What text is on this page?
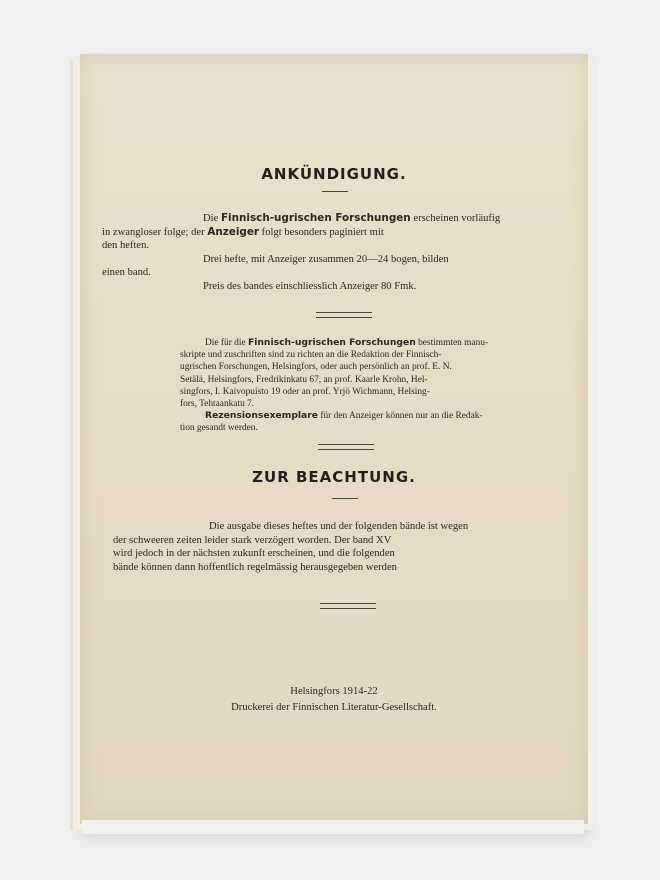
ANKÜNDIGUNG.
Die Finnisch-ugrischen Forschungen erscheinen vorläufig
in zwangloser folge; der Anzeiger folgt besonders paginiert mit
den heften.
Drei hefte, mit Anzeiger zusammen 20—24 bogen, bilden
einen band.
Preis des bandes einschliesslich Anzeiger 80 Fmk.
Die für die Finnisch-ugrischen Forschungen bestimmten manu-
skripte und zuschriften sind zu richten an die Redaktion der Finnisch-
ugrischen Forschungen, Helsingfors, oder auch persönlich an prof. E. N.
Setälä, Helsingfors, Fredrikinkatu 67, an prof. Kaarle Krohn, Hel-
singfors, I. Kaivopuisto 19 oder an prof. Yrjö Wichmann, Helsing-
fors, Tehtaankatu 7.
Rezensionsexemplare für den Anzeiger können nur an die Redak-
tion gesandt werden.
ZUR BEACHTUNG.
Die ausgabe dieses heftes und der folgenden bände ist wegen
der schweeren zeiten leider stark verzögert worden. Der band XV
wird jedoch in der nächsten zukunft erscheinen, und die folgenden
bände können dann hoffentlich regelmässig herausgegeben werden
Helsingfors 1914-22
Druckerei der Finnischen Literatur-Gesellschaft.
